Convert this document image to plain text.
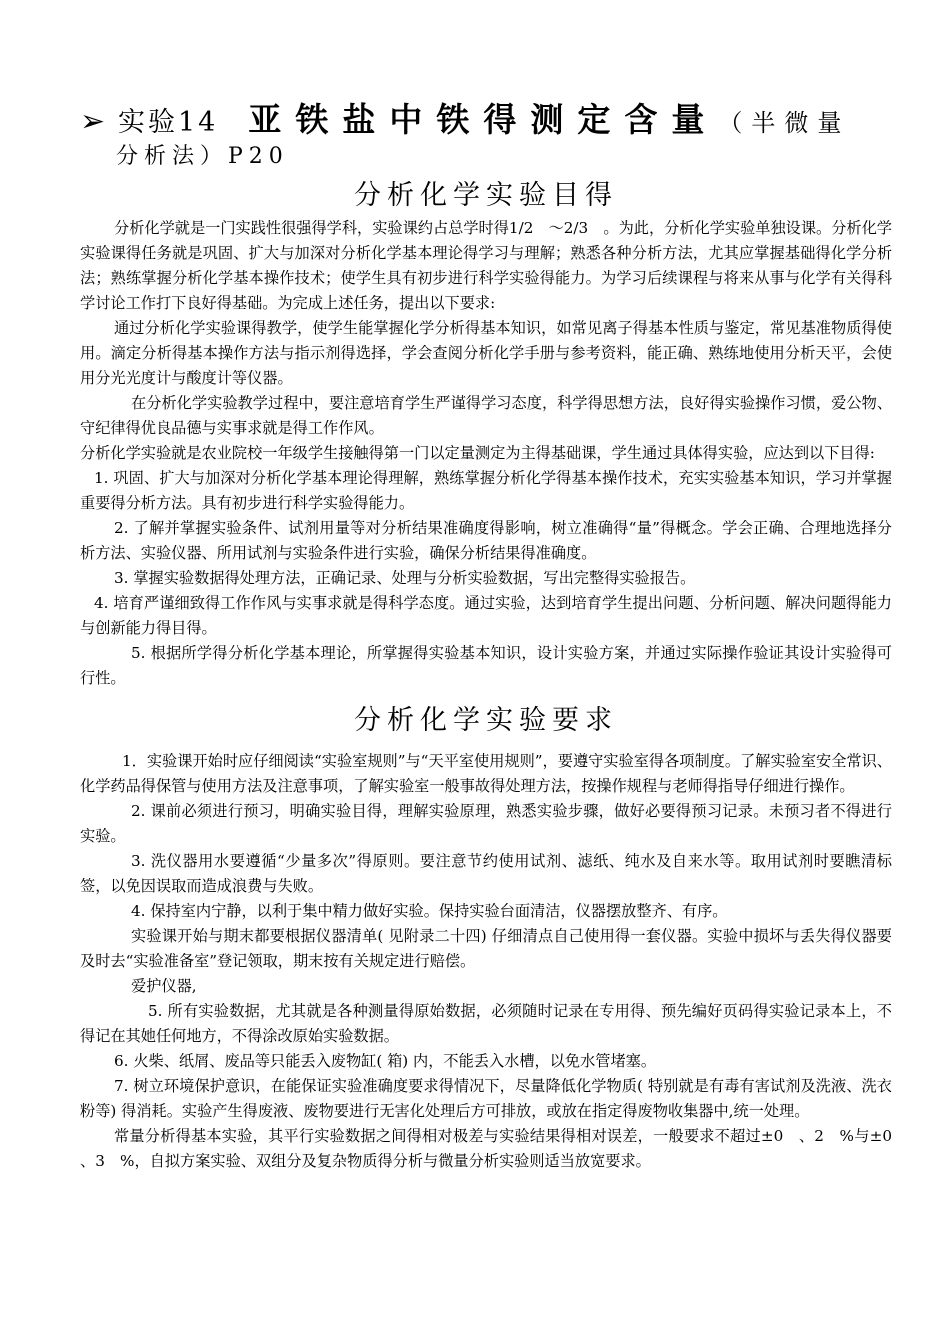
➢ 实验14 亚铁盐中铁得测定含量 （半微量
分析法）P20
分析化学实验目得

分析化学就是一门实践性很强得学科，实验课约占总学时得1/2　～2/3　。为此，分析化学实验单独设课。分析化学实验课得任务就是巩固、扩大与加深对分析化学基本理论得学习与理解；熟悉各种分析方法，尤其应掌握基础得化学分析法；熟练掌握分析化学基本操作技术；使学生具有初步进行科学实验得能力。为学习后续课程与将来从事与化学有关得科学讨论工作打下良好得基础。为完成上述任务，提出以下要求:

通过分析化学实验课得教学，使学生能掌握化学分析得基本知识，如常见离子得基本性质与鉴定，常见基准物质得使用。滴定分析得基本操作方法与指示剂得选择，学会查阅分析化学手册与参考资料，能正确、熟练地使用分析天平，会使用分光光度计与酸度计等仪器。

在分析化学实验教学过程中，要注意培育学生严谨得学习态度，科学得思想方法，良好得实验操作习惯，爱公物、守纪律得优良品德与实事求就是得工作作风。

分析化学实验就是农业院校一年级学生接触得第一门以定量测定为主得基础课，学生通过具体得实验，应达到以下目得:

1. 巩固、扩大与加深对分析化学基本理论得理解，熟练掌握分析化学得基本操作技术，充实实验基本知识，学习并掌握重要得分析方法。具有初步进行科学实验得能力。

2. 了解并掌握实验条件、试剂用量等对分析结果准确度得影响，树立准确得“量”得概念。学会正确、合理地选择分析方法、实验仪器、所用试剂与实验条件进行实验，确保分析结果得准确度。

3. 掌握实验数据得处理方法，正确记录、处理与分析实验数据，写出完整得实验报告。

4. 培育严谨细致得工作作风与实事求就是得科学态度。通过实验，达到培育学生提出问题、分析问题、解决问题得能力与创新能力得目得。

5. 根据所学得分析化学基本理论，所掌握得实验基本知识，设计实验方案，并通过实际操作验证其设计实验得可行性。

分析化学实验要求

1．实验课开始时应仔细阅读“实验室规则”与“天平室使用规则”，要遵守实验室得各项制度。了解实验室安全常识、化学药品得保管与使用方法及注意事项，了解实验室一般事故得处理方法，按操作规程与老师得指导仔细进行操作。

2. 课前必须进行预习，明确实验目得，理解实验原理，熟悉实验步骤，做好必要得预习记录。未预习者不得进行实验。

3. 洗仪器用水要遵循“少量多次”得原则。要注意节约使用试剂、滤纸、纯水及自来水等。取用试剂时要瞧清标签，以免因误取而造成浪费与失败。

4. 保持室内宁静，以利于集中精力做好实验。保持实验台面清洁，仪器摆放整齐、有序。

实验课开始与期末都要根据仪器清单( 见附录二十四) 仔细清点自己使用得一套仪器。实验中损坏与丢失得仪器要及时去“实验准备室”登记领取，期末按有关规定进行赔偿。

爱护仪器,

5. 所有实验数据，尤其就是各种测量得原始数据，必须随时记录在专用得、预先编好页码得实验记录本上，不得记在其她任何地方，不得涂改原始实验数据。

6. 火柴、纸屑、废品等只能丢入废物缸( 箱) 内，不能丢入水槽，以免水管堵塞。

7. 树立环境保护意识，在能保证实验准确度要求得情况下，尽量降低化学物质( 特别就是有毒有害试剂及洗液、洗衣粉等) 得消耗。实验产生得废液、废物要进行无害化处理后方可排放，或放在指定得废物收集器中,统一处理。

常量分析得基本实验，其平行实验数据之间得相对极差与实验结果得相对误差，一般要求不超过±0　、2　%与±0　、3　%，自拟方案实验、双组分及复杂物质得分析与微量分析实验则适当放宽要求。
